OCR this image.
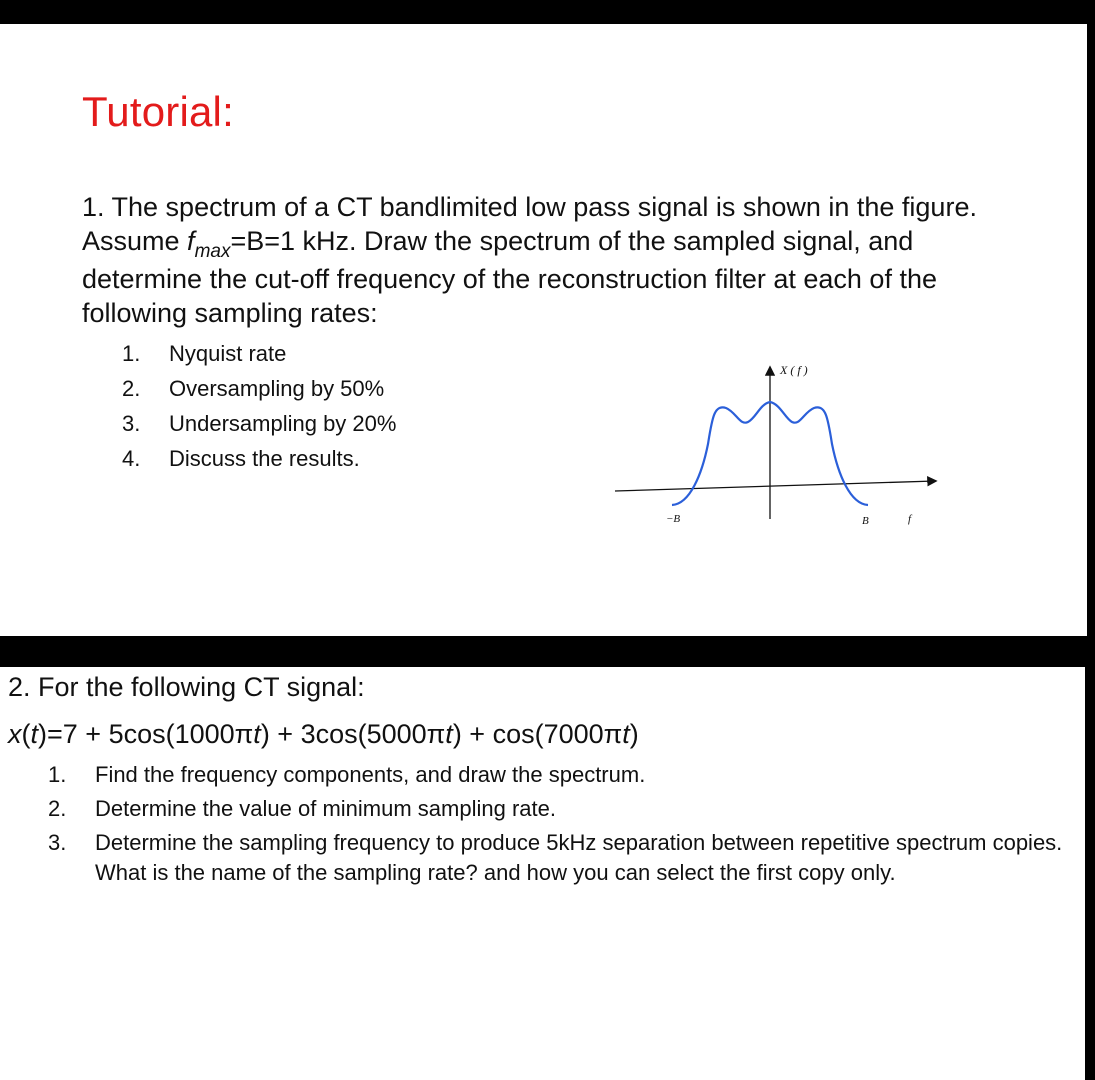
Tutorial:

1. The spectrum of a CT bandlimited low pass signal is shown in the figure. Assume $f_{max}=B=1$ kHz. Draw the spectrum of the sampled signal, and determine the cut-off frequency of the reconstruction filter at each of the following sampling rates:

1.	Nyquist rate
2.	Oversampling by 50%
3.	Undersampling by 20%
4.	Discuss the results.
X ( f )
−B	B	f

2. For the following CT signal:

x(t)=7 + 5cos(1000πt) + 3cos(5000πt) + cos(7000πt)

1.	Find the frequency components, and draw the spectrum.
2.	Determine the value of minimum sampling rate.
3.	Determine the sampling frequency to produce 5kHz separation between repetitive spectrum copies. What is the name of the sampling rate? and how you can select the first copy only.
